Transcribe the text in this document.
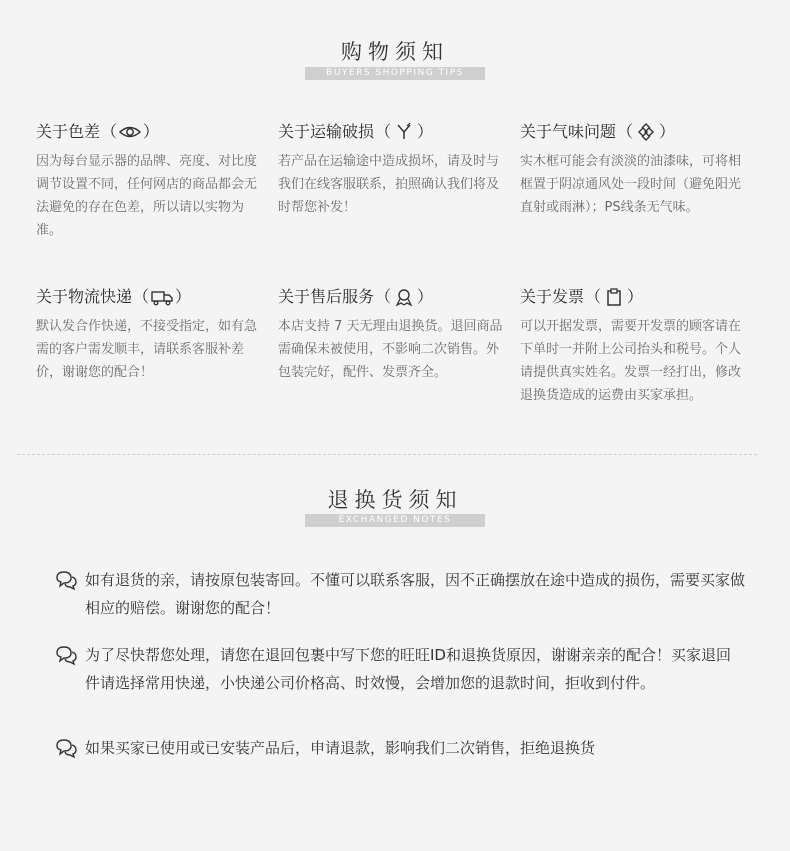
购物须知
BUYERS SHOPPING TIPS
关于色差 （ ）
因为每台显示器的品牌、亮度、对比度调节设置不同，任何网店的商品都会无法避免的存在色差，所以请以实物为准。
关于运输破损 （ ）
若产品在运输途中造成损坏，请及时与我们在线客服联系，拍照确认我们将及时帮您补发！
关于气味问题 （ ）
实木框可能会有淡淡的油漆味，可将相框置于阴凉通风处一段时间（避免阳光直射或雨淋）；PS线条无气味。
关于物流快递 （ ）
默认发合作快递，不接受指定，如有急需的客户需发顺丰，请联系客服补差价，谢谢您的配合！
关于售后服务 （ ）
本店支持 7 天无理由退换货。退回商品需确保未被使用，不影响二次销售。外包装完好，配件、发票齐全。
关于发票 （ ）
可以开据发票，需要开发票的顾客请在下单时一并附上公司抬头和税号。个人请提供真实姓名。发票一经打出，修改退换货造成的运费由买家承担。
退换货须知
EXCHANGED NOTES
如有退货的亲，请按原包装寄回。不懂可以联系客服，因不正确摆放在途中造成的损伤，需要买家做相应的赔偿。谢谢您的配合！
为了尽快帮您处理，请您在退回包裹中写下您的旺旺ID和退换货原因，谢谢亲亲的配合！买家退回件请选择常用快递，小快递公司价格高、时效慢，会增加您的退款时间，拒收到付件。
如果买家已使用或已安装产品后，申请退款，影响我们二次销售，拒绝退换货
